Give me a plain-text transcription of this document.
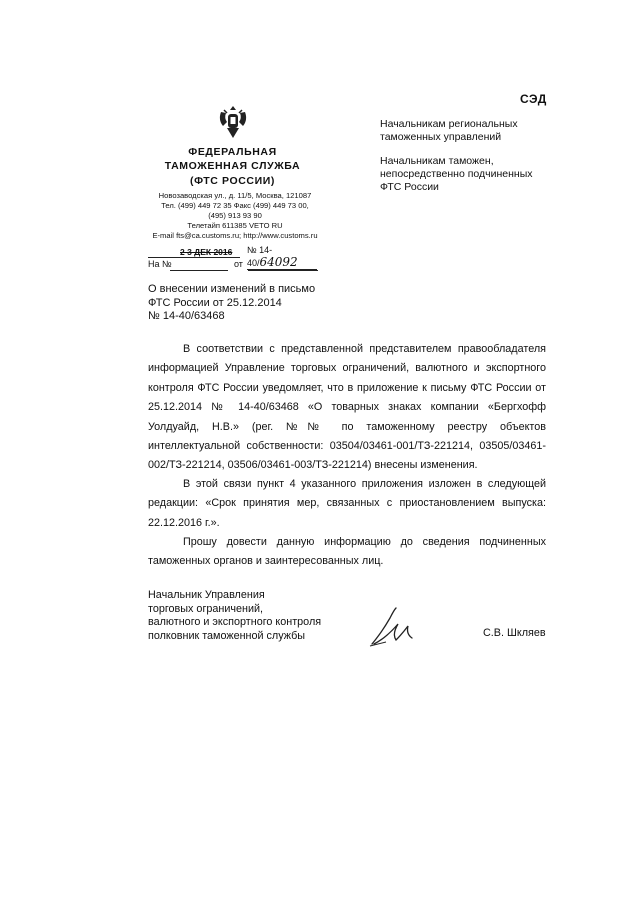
СЭД
ФЕДЕРАЛЬНАЯ
ТАМОЖЕННАЯ СЛУЖБА
(ФТС РОССИИ)
Новозаводская ул., д. 11/5, Москва, 121087
Тел. (499) 449 72 35 Факс (499) 449 73 00,
(495) 913 93 90
Телетайп 611385 VETO RU
E-mail fts@ca.customs.ru; http://www.customs.ru
Начальникам региональных
таможенных управлений
Начальникам таможен,
непосредственно подчиненных
ФТС России
2 3 ДЕК 2016	№ 14-40/64092
На №	от
О внесении изменений в письмо
ФТС России от 25.12.2014
№ 14-40/63468

В соответствии с представленной представителем правообладателя информацией Управление торговых ограничений, валютного и экспортного контроля ФТС России уведомляет, что в приложение к письму ФТС России от 25.12.2014 № 14-40/63468 «О товарных знаках компании «Бергхофф Уолдуайд, Н.В.» (рег. №№ по таможенному реестру объектов интеллектуальной собственности: 03504/03461-001/ТЗ-221214, 03505/03461-002/ТЗ-221214, 03506/03461-003/ТЗ-221214) внесены изменения.

В этой связи пункт 4 указанного приложения изложен в следующей редакции: «Срок принятия мер, связанных с приостановлением выпуска: 22.12.2016 г.».

Прошу довести данную информацию до сведения подчиненных таможенных органов и заинтересованных лиц.

Начальник Управления
торговых ограничений,
валютного и экспортного контроля
полковник таможенной службы	С.В. Шкляев
